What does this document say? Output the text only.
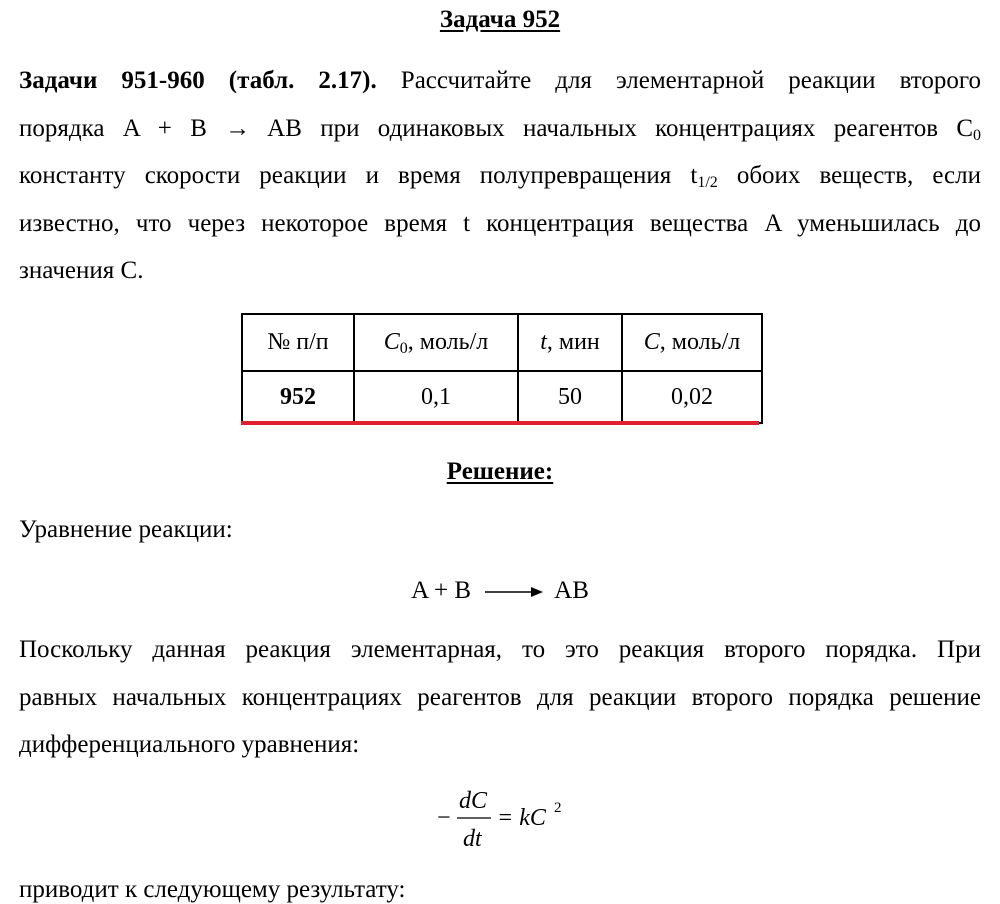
Задача 952
Задачи 951-960 (табл. 2.17). Рассчитайте для элементарной реакции второго
порядка A + B → AB при одинаковых начальных концентрациях реагентов $C_0$
константу скорости реакции и время полупревращения $t_{1/2}$ обоих веществ, если
известно, что через некоторое время t концентрация вещества A уменьшилась до
значения C.
№ п/п	$C_0$, моль/л	t, мин	C, моль/л
952	0,1	50	0,02
Решение:
Уравнение реакции:
A + B	AB
Поскольку данная реакция элементарная, то это реакция второго порядка. При
равных начальных концентрациях реагентов для реакции второго порядка решение
дифференциального уравнения:
−
dC
dt
= kC 2
приводит к следующему результату:
